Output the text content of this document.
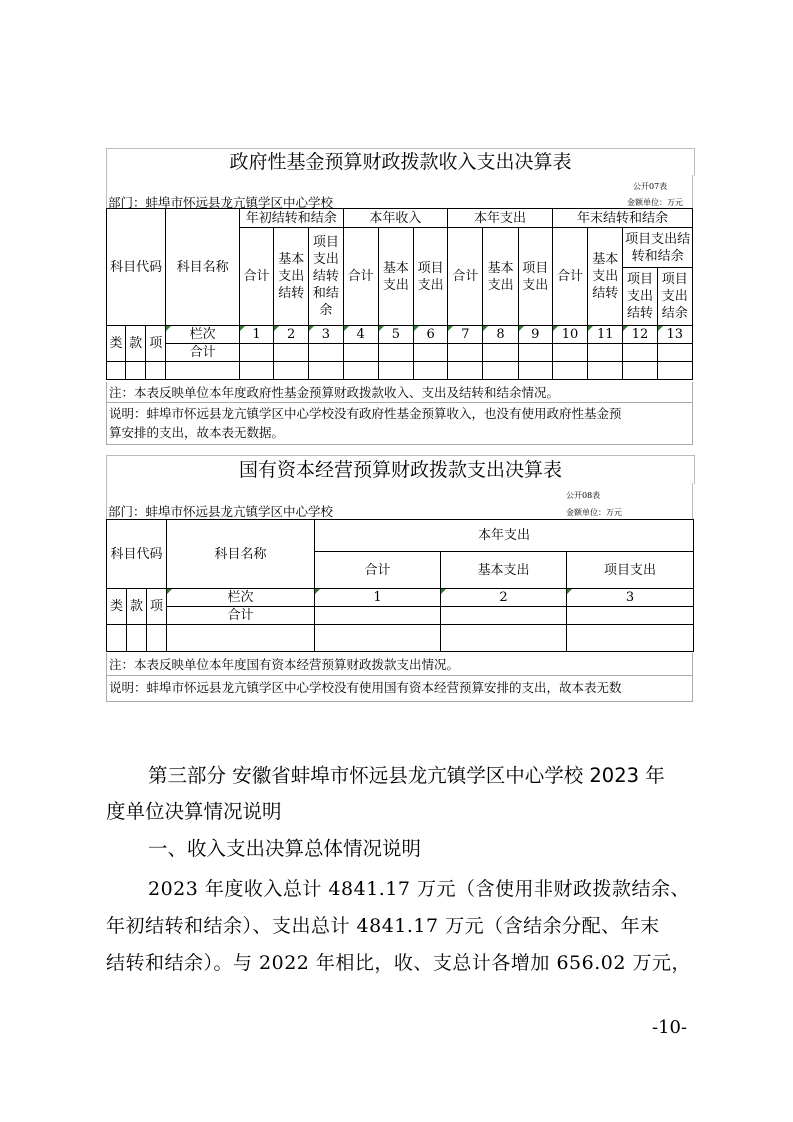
政府性基金预算财政拨款收入支出决算表
公开07表
金额单位：万元
部门：蚌埠市怀远县龙亢镇学区中心学校
科目代码			科目名称	年初结转和结余			本年收入			本年支出			年末结转和结余			
				合计	基本支出结转	项目支出结转和结余	合计	基本支出	项目支出	合计	基本支出	项目支出	合计	基本支出结转	项目支出结转和结余	
															项目支出结转	项目支出结余
类	款	项	栏次	1	2	3	4	5	6	7	8	9	10	11	12	13
			合计													

注：本表反映单位本年度政府性基金预算财政拨款收入、支出及结转和结余情况。
说明：蚌埠市怀远县龙亢镇学区中心学校没有政府性基金预算收入，也没有使用政府性基金预
算安排的支出，故本表无数据。
国有资本经营预算财政拨款支出决算表
公开08表
金额单位：万元
部门：蚌埠市怀远县龙亢镇学区中心学校
科目代码			科目名称	本年支出		
				合计	基本支出	项目支出
类	款	项	栏次	1	2	3
			合计			

注：本表反映单位本年度国有资本经营预算财政拨款支出情况。
说明：蚌埠市怀远县龙亢镇学区中心学校没有使用国有资本经营预算安排的支出，故本表无数
第三部分 安徽省蚌埠市怀远县龙亢镇学区中心学校 2023 年
度单位决算情况说明
一、收入支出决算总体情况说明
2023 年度收入总计 4841.17 万元（含使用非财政拨款结余、
年初结转和结余）、支出总计 4841.17 万元（含结余分配、年末
结转和结余）。与 2022 年相比，收、支总计各增加 656.02 万元，
-10-
